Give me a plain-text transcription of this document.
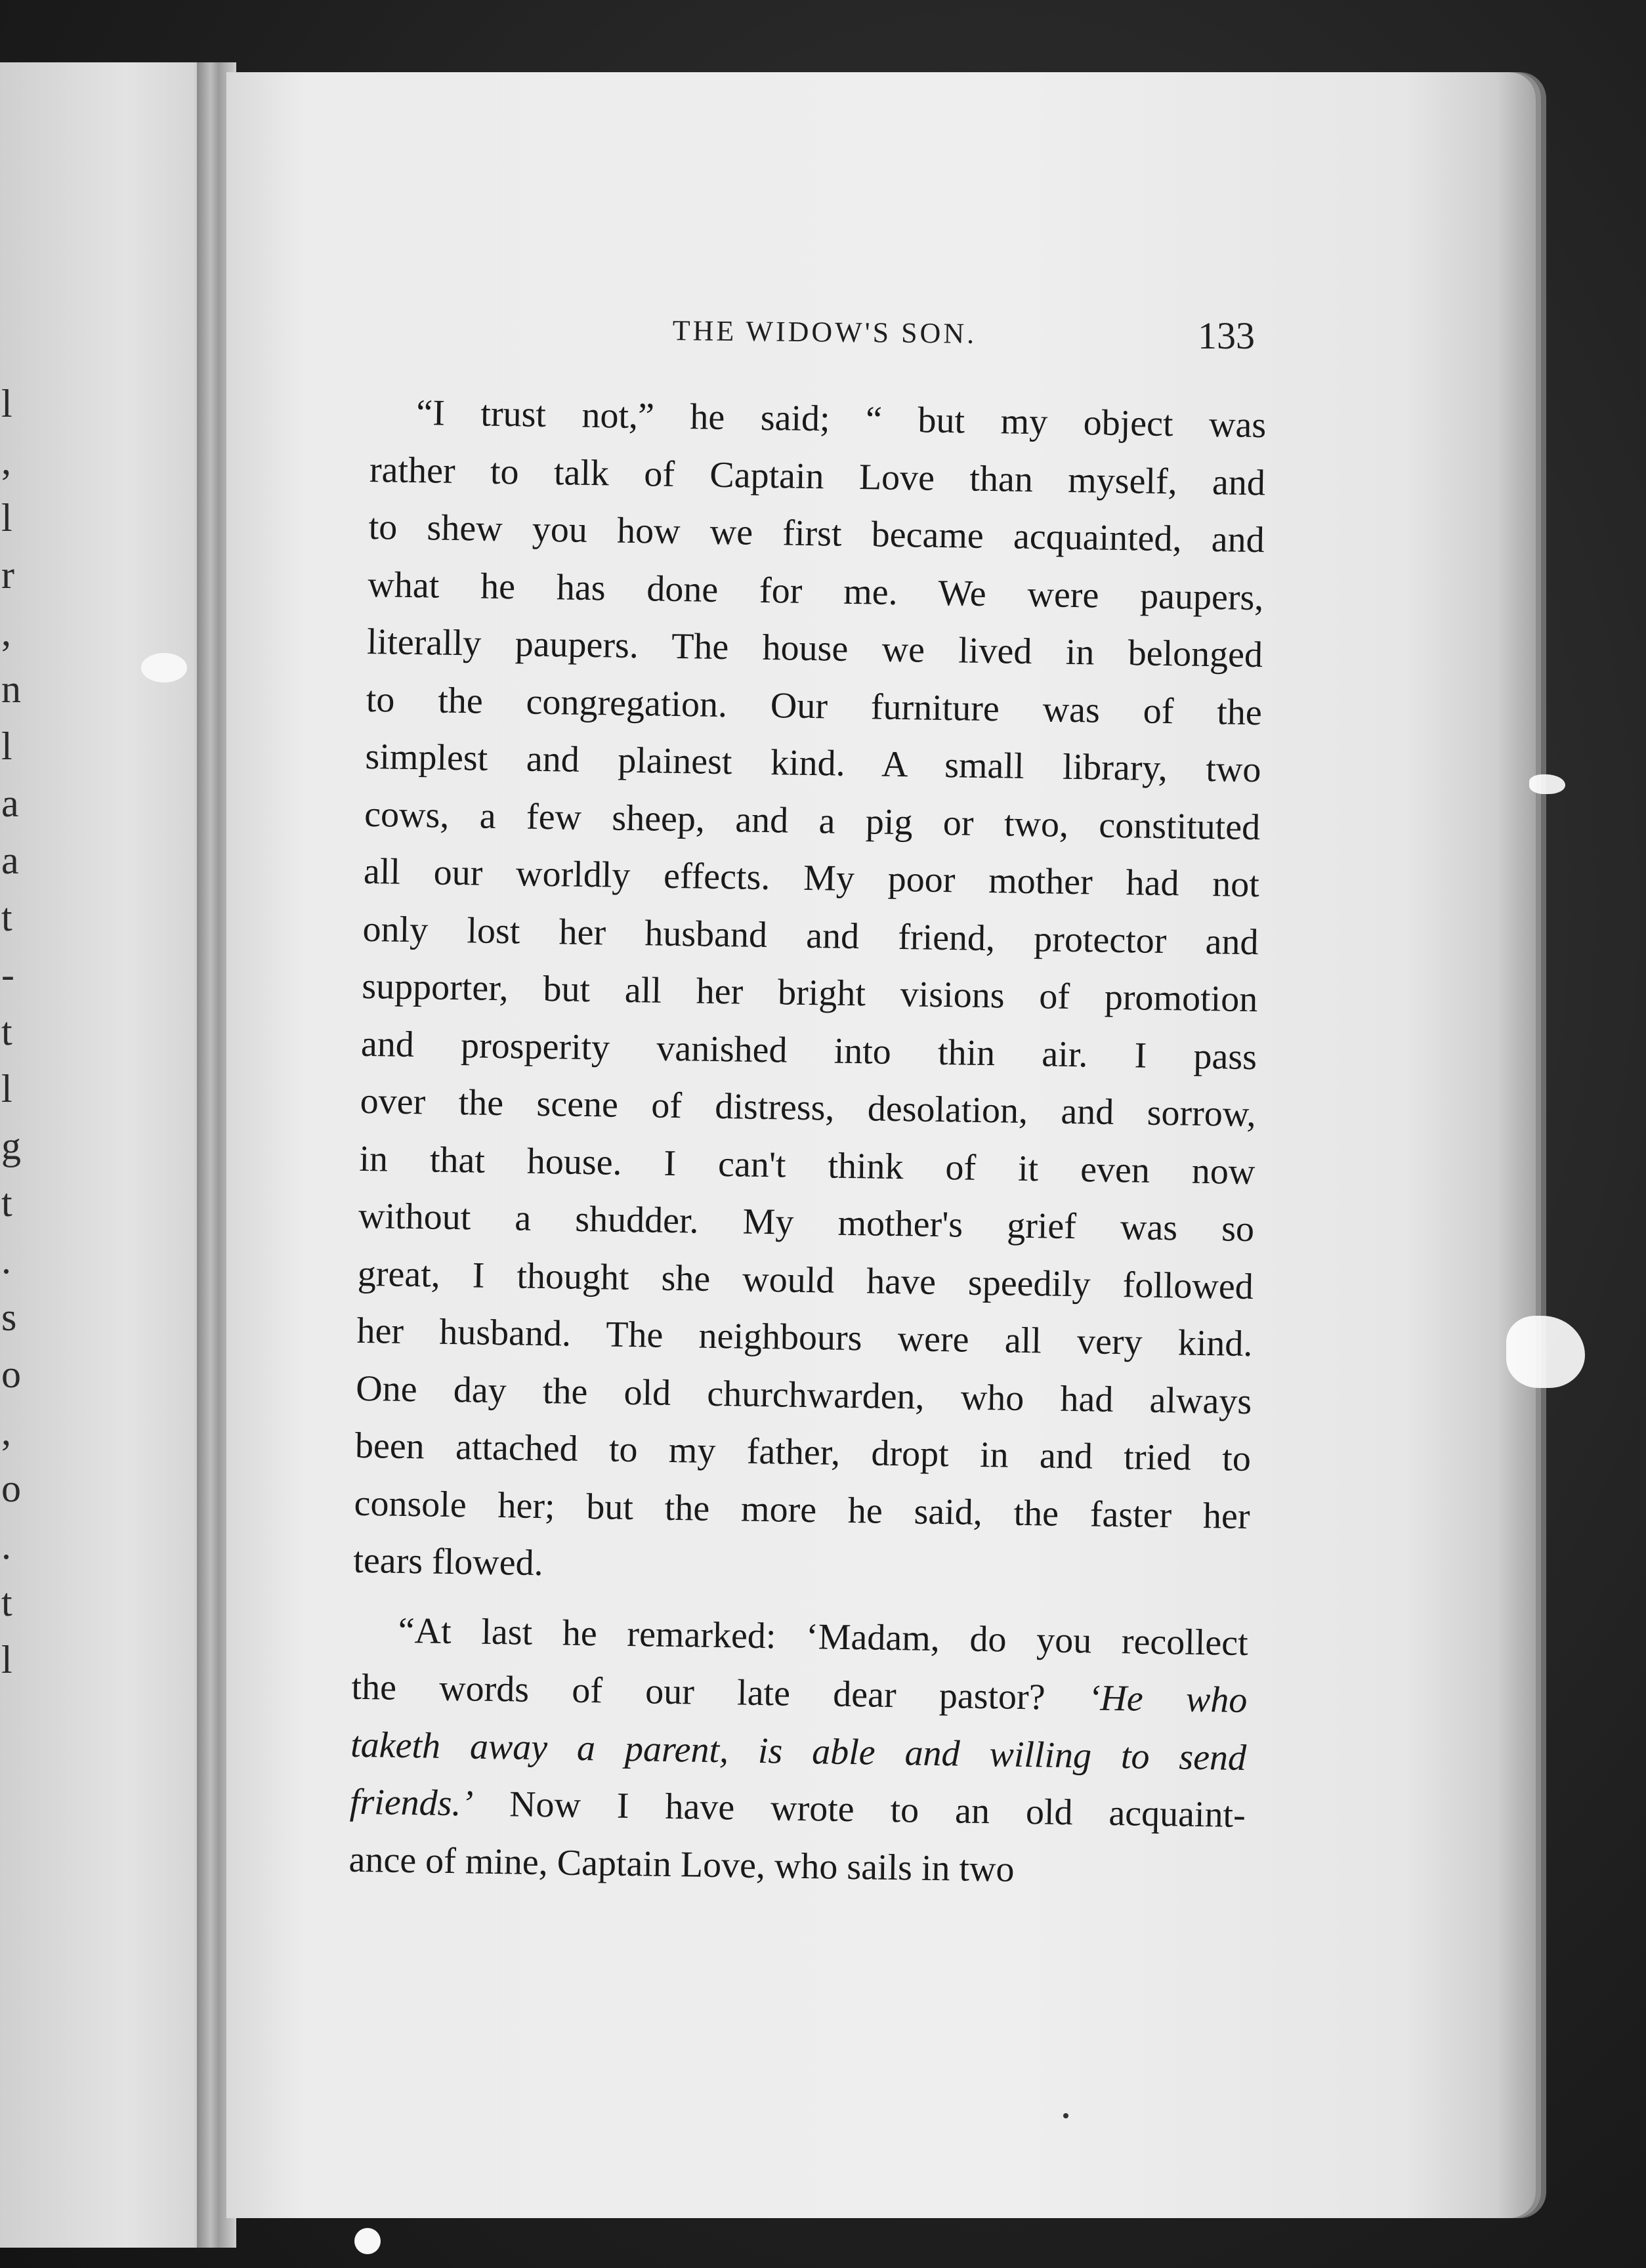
l
,
l
r
,
n
l
a
a
t
-
t
l
g
t
.
s
o
,
o
.
t
l
THE WIDOW'S SON.	133
“I trust not,” he said; “ but my object was
rather to talk of Captain Love than myself, and
to shew you how we first became acquainted, and
what he has done for me. We were paupers,
literally paupers. The house we lived in belonged
to the congregation. Our furniture was of the
simplest and plainest kind. A small library, two
cows, a few sheep, and a pig or two, constituted
all our worldly effects. My poor mother had not
only lost her husband and friend, protector and
supporter, but all her bright visions of promotion
and prosperity vanished into thin air. I pass
over the scene of distress, desolation, and sorrow,
in that house. I can't think of it even now
without a shudder. My mother's grief was so
great, I thought she would have speedily followed
her husband. The neighbours were all very kind.
One day the old churchwarden, who had always
been attached to my father, dropt in and tried to
console her; but the more he said, the faster her
tears flowed.
“At last he remarked: ‘Madam, do you recollect
the words of our late dear pastor? ‘He who
taketh away a parent, is able and willing to send
friends.’ Now I have wrote to an old acquaint-
ance of mine, Captain Love, who sails in two
